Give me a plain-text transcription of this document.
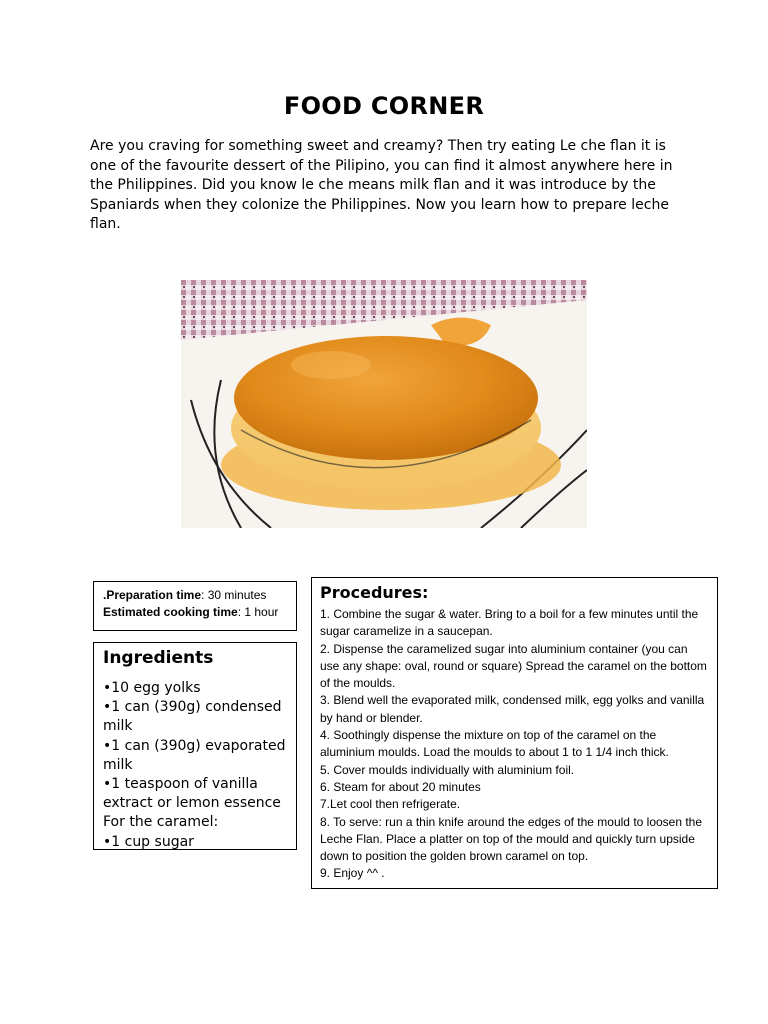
FOOD CORNER
Are you craving for something sweet and creamy? Then try eating Le che flan it is one of the favourite dessert of the Pilipino, you can find it almost anywhere here in the Philippines. Did you know le che means milk flan and it was introduce by the Spaniards when they colonize the Philippines. Now you learn how to prepare leche flan.
.Preparation time: 30 minutes
Estimated cooking time: 1 hour
Ingredients
•10 egg yolks
•1 can (390g) condensed milk
•1 can (390g) evaporated milk
•1 teaspoon of vanilla extract or lemon essence
For the caramel:
•1 cup sugar
Procedures:
1. Combine the sugar & water. Bring to a boil for a few minutes until the sugar caramelize in a saucepan.
2. Dispense the caramelized sugar into aluminium container (you can use any shape: oval, round or square) Spread the caramel on the bottom of the moulds.
3. Blend well the evaporated milk, condensed milk, egg yolks and vanilla by hand or blender.
4. Soothingly dispense the mixture on top of the caramel on the aluminium moulds. Load the moulds to about 1 to 1 1/4 inch thick.
5. Cover moulds individually with aluminium foil.
6. Steam for about 20 minutes
7.Let cool then refrigerate.
8. To serve: run a thin knife around the edges of the mould to loosen the Leche Flan. Place a platter on top of the mould and quickly turn upside down to position the golden brown caramel on top.
9. Enjoy ^^ .
